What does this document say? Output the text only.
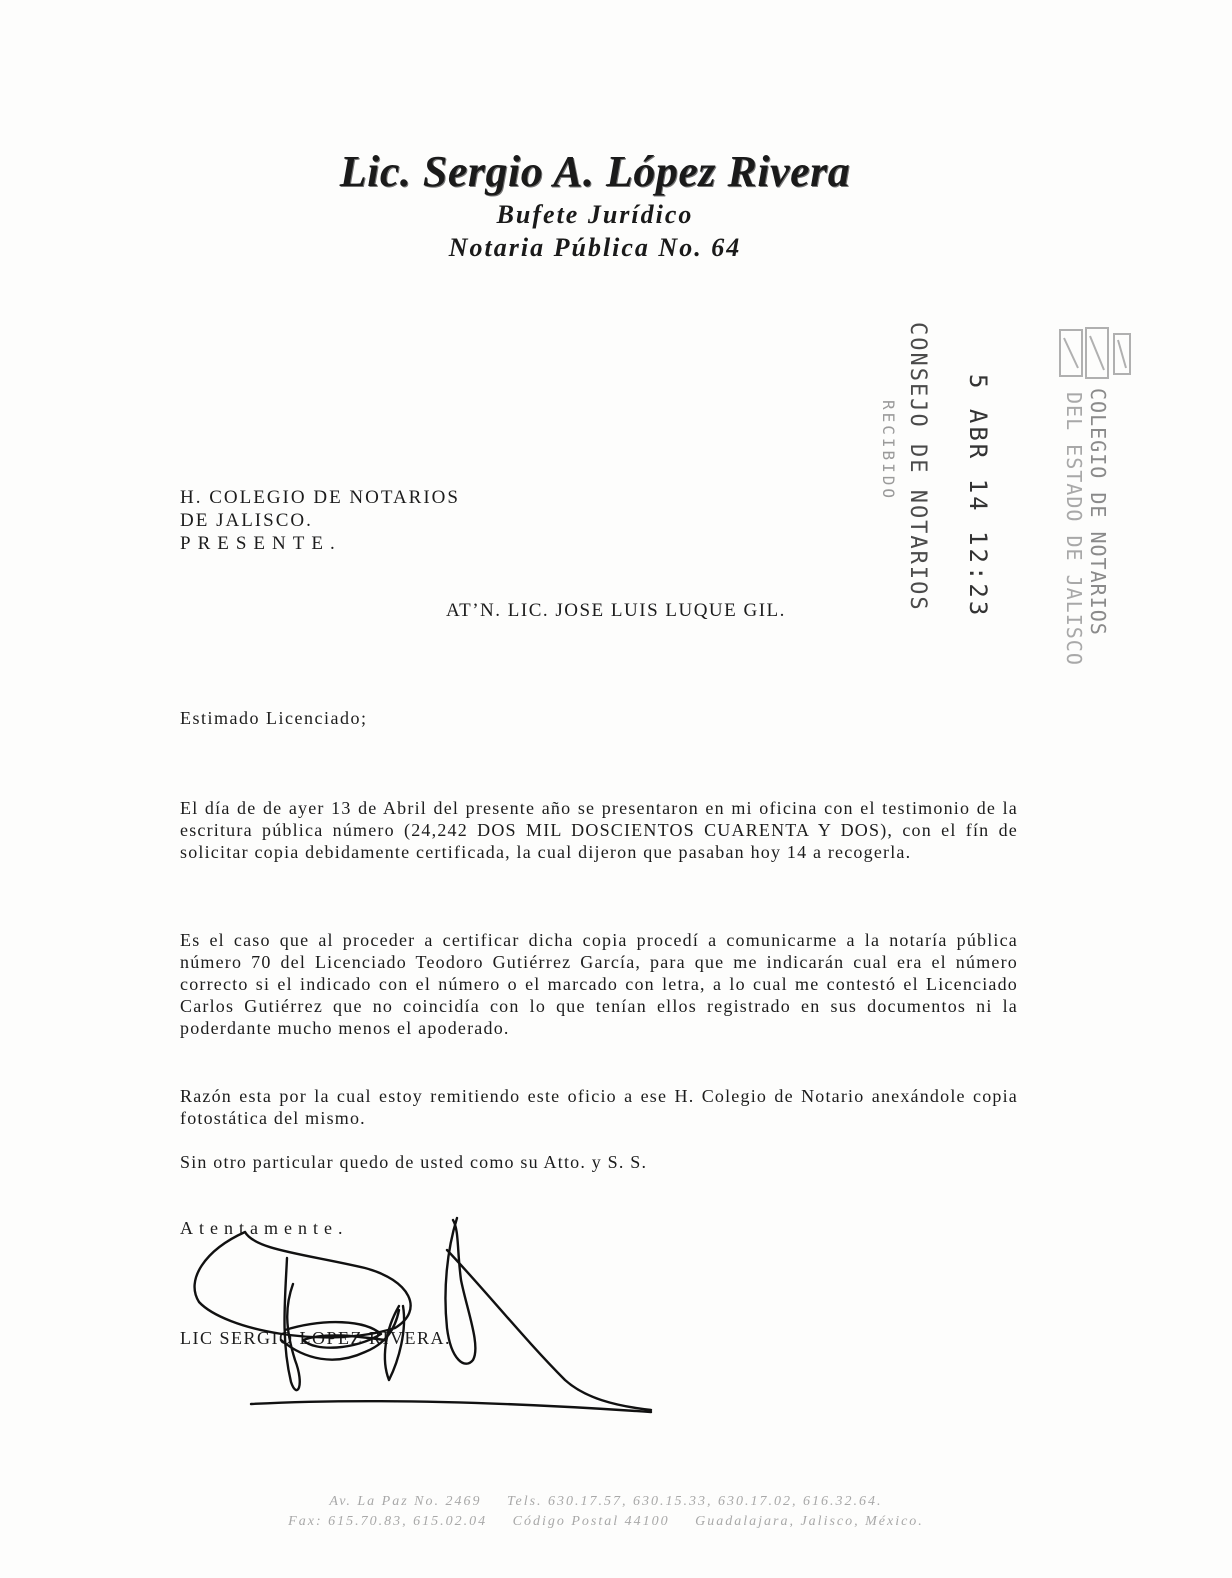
Lic. Sergio A. López Rivera
Bufete Jurídico
Notaria Pública No. 64
CONSEJO DE NOTARIOS
RECIBIDO	5 ABR 14 12:23	COLEGIO DE NOTARIOS
DEL ESTADO DE JALISCO
H. COLEGIO DE NOTARIOS
DE JALISCO.
PRESENTE.
AT’N. LIC. JOSE LUIS LUQUE GIL.
Estimado Licenciado;
El día de de ayer 13 de Abril del presente año se presentaron en mi oficina con el testimonio de la escritura pública número (24,242 DOS MIL DOSCIENTOS CUARENTA Y DOS), con el fín de solicitar copia debidamente certificada, la cual dijeron que pasaban hoy 14 a recogerla.
Es el caso que al proceder a certificar dicha copia procedí a comunicarme a la notaría pública número 70 del Licenciado Teodoro Gutiérrez García, para que me indicarán cual era el número correcto si el indicado con el número o el marcado con letra, a lo cual me contestó el Licenciado Carlos Gutiérrez que no coincidía con lo que tenían ellos registrado en sus documentos ni la poderdante mucho menos el apoderado.
Razón esta por la cual estoy remitiendo este oficio a ese H. Colegio de Notario anexándole copia fotostática del mismo.
Sin otro particular quedo de usted como su Atto. y S. S.
Atentamente.
LIC SERGIO LOPEZ RIVERA.
Av. La Paz No. 2469 Tels. 630.17.57, 630.15.33, 630.17.02, 616.32.64.
Fax: 615.70.83, 615.02.04 Código Postal 44100 Guadalajara, Jalisco, México.
